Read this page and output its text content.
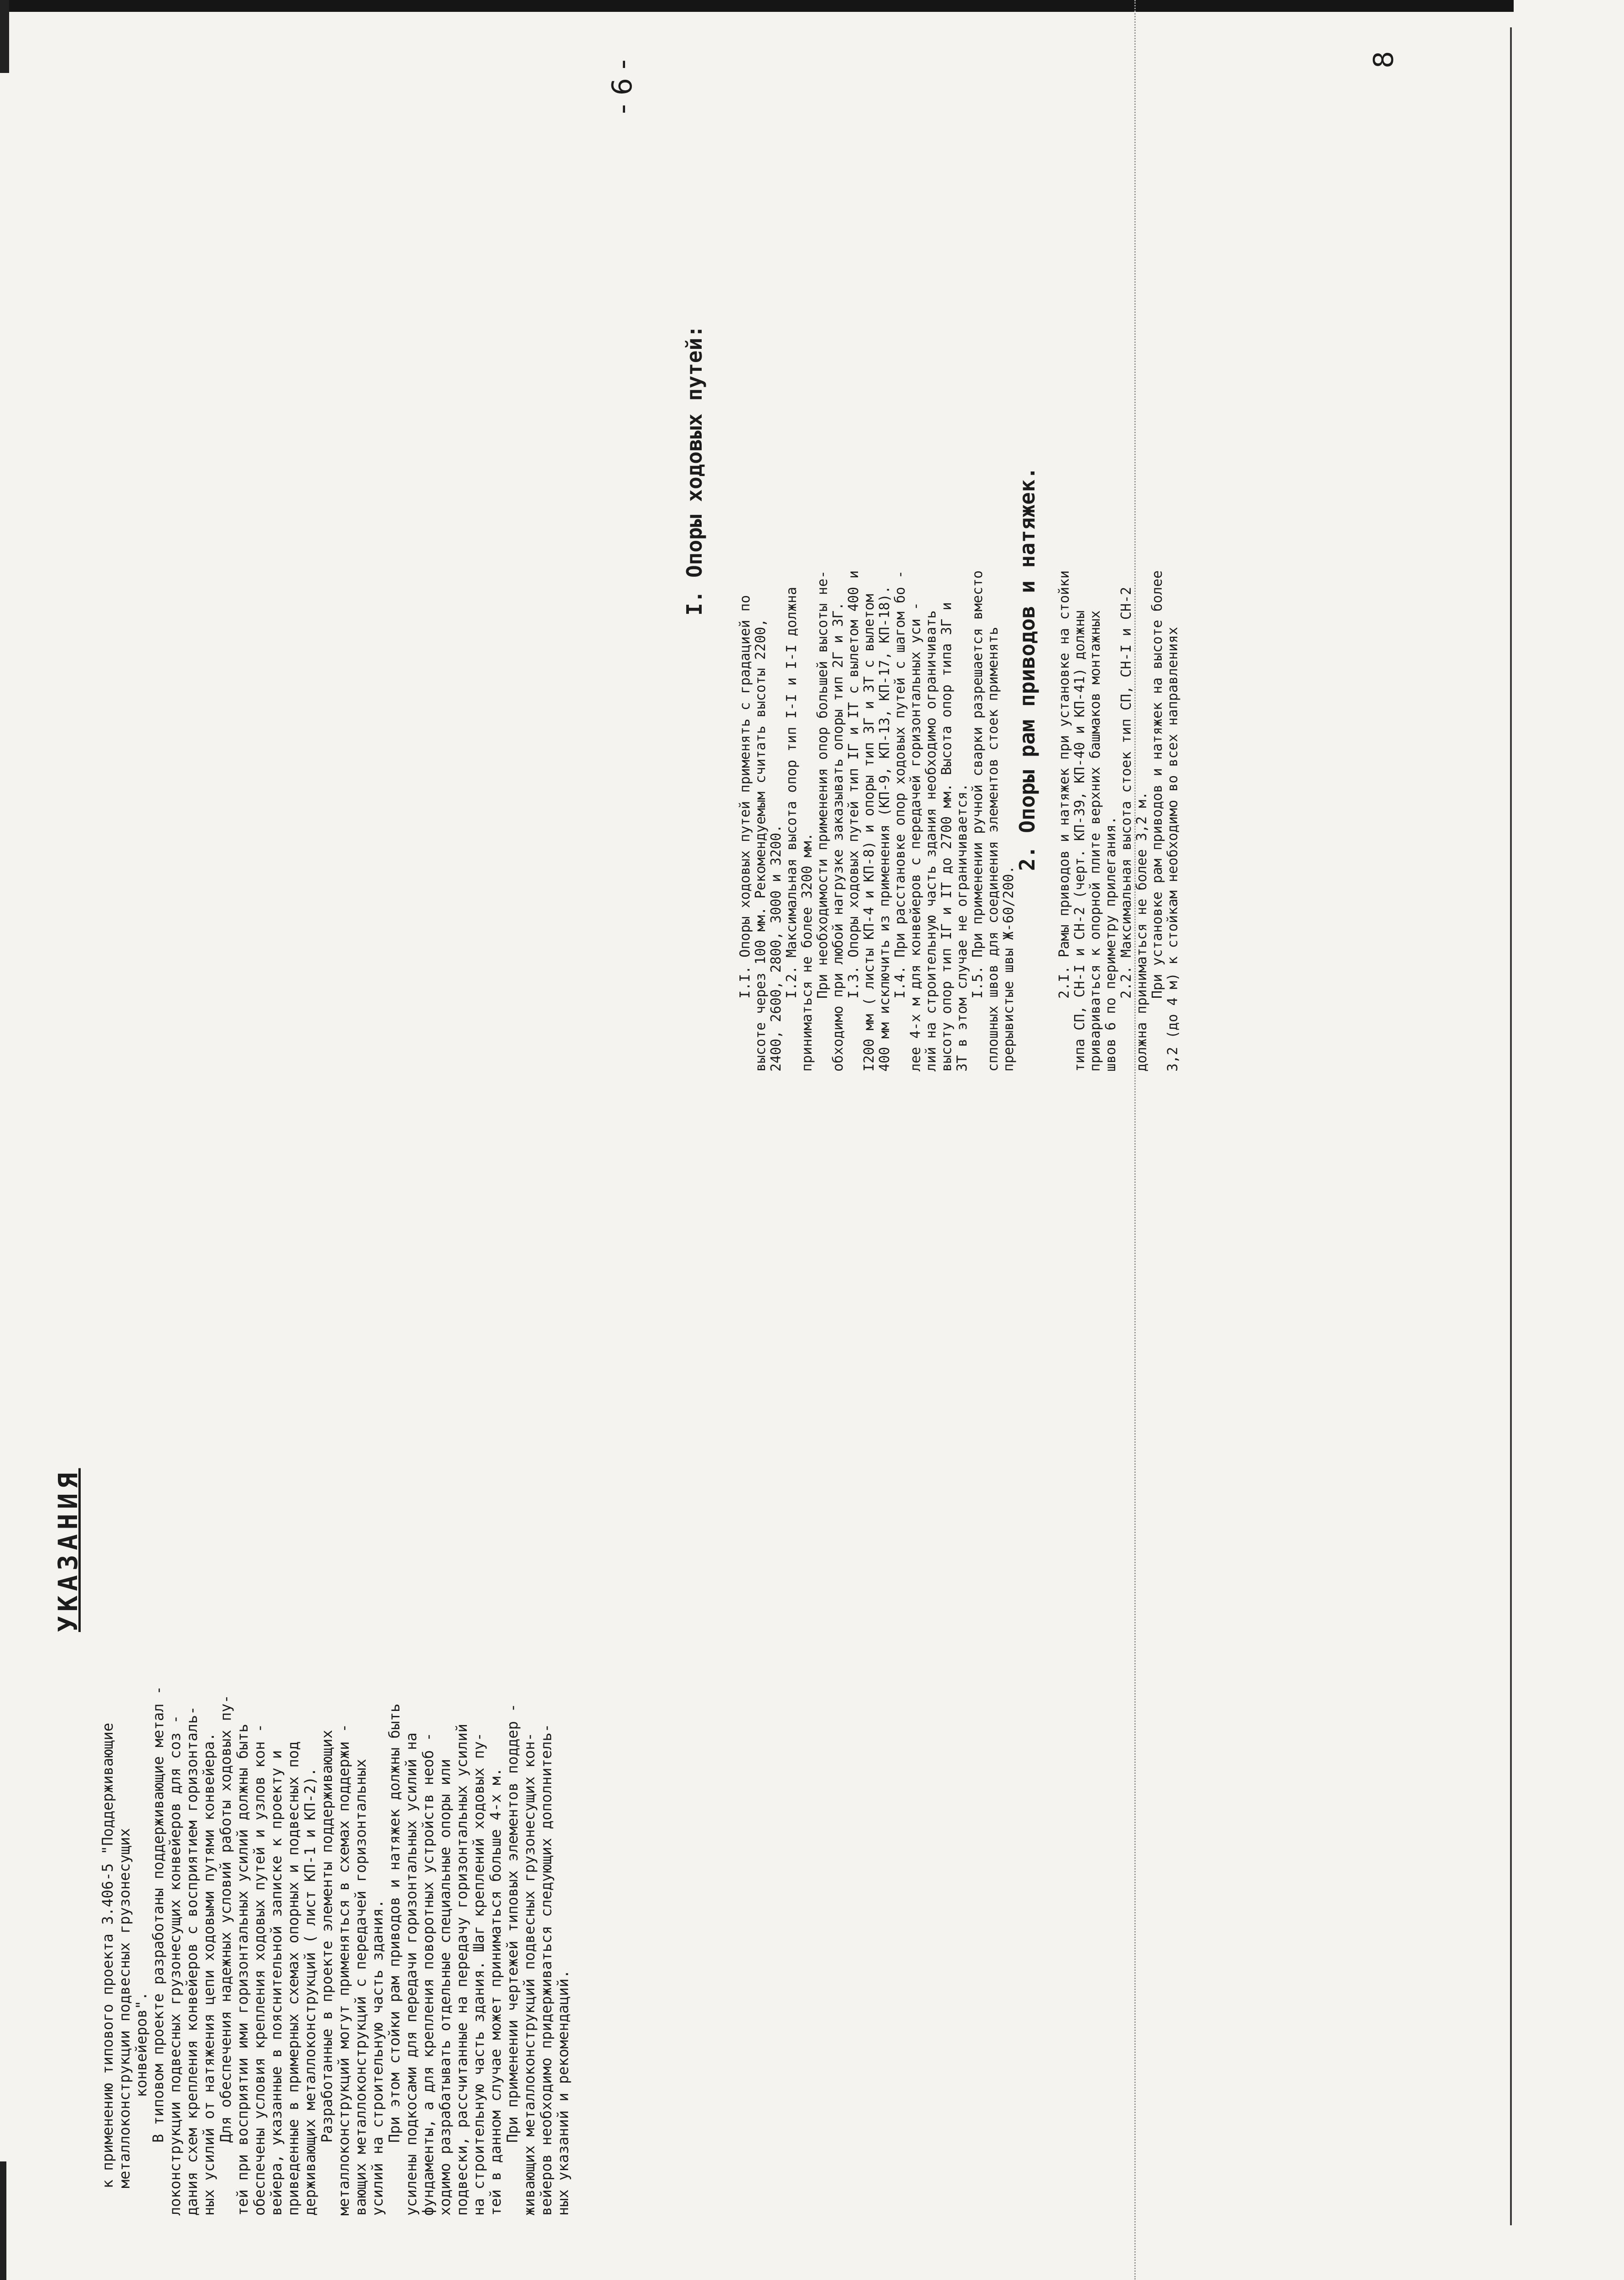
- 6 -	8
I. Опоры ходовых путей:
I.I. Опоры ходовых путей применять с градацией по высоте через 100 мм. Рекомендуемым считать высоты 2200, 2400, 2600, 2800, 3000 и 3200. I.2. Максимальная высота опор тип I-I и I-I должна приниматься не более 3200 мм. При необходимости применения опор большей высоты не- обходимо при любой нагрузке заказывать опоры тип 2Г и 3Г. I.3. Опоры ходовых путей тип IГ и IТ с вылетом 400 и I200 мм ( листы КП-4 и КП-8) и опоры тип 3Г и 3Т с вылетом 400 мм исключить из применения (КП-9, КП-13, КП-17, КП-18). I.4. При расстановке опор ходовых путей с шагом бо - лее 4-х м для конвейеров с передачей горизонтальных уси - лий на строительную часть здания необходимо ограничивать высоту опор тип IГ и IТ до 2700 мм. Высота опор типа 3Г и 3Т в этом случае не ограничивается. I.5. При применении ручной сварки разрешается вместо сплошных швов для соединения элементов стоек применять прерывистые швы Ж-60/200.
2. Опоры рам приводов и натяжек. 2.I. Рамы приводов и натяжек при установке на стойки типа СП, СН-I и СН-2 (черт. КП-39, КП-40 и КП-41) должны привариваться к опорной плите верхних башмаков монтажных швов 6 по периметру прилегания. 2.2. Максимальная высота стоек тип СП, СН-I и СН-2 должна приниматься не более 3,2 м. При установке рам приводов и натяжек на высоте более 3,2 (до 4 м) к стойкам необходимо во всех направлениях
УКАЗАНИЯ
к применению типового проекта 3.406-5 "Поддерживающие металлоконструкции подвесных грузонесущих конвейеров". В типовом проекте разработаны поддерживающие метал - локонструкции подвесных грузонесущих конвейеров для соз - дания схем крепления конвейеров с восприятием горизонталь- ных усилий от натяжения цепи ходовыми путями конвейера. Для обеспечения надежных условий работы ходовых пу- тей при восприятии ими горизонтальных усилий должны быть обеспечены условия крепления ходовых путей и узлов кон - вейера, указанные в пояснительной записке к проекту и приведенные в примерных схемах опорных и подвесных под держивающих металлоконструкций ( лист КП-1 и КП-2). Разработанные в проекте элементы поддерживающих металлоконструкций могут применяться в схемах поддержи - вающих металлоконструкций с передачей горизонтальных усилий на строительную часть здания. При этом стойки рам приводов и натяжек должны быть усилены подкосами для передачи горизонтальных усилий на фундаменты, а для крепления поворотных устройств необ - ходимо разрабатывать отдельные специальные опоры или подвески, рассчитанные на передачу горизонтальных усилий на строительную часть здания. Шаг креплений ходовых пу- тей в данном случае может приниматься больше 4-х м. При применении чертежей типовых элементов поддер - живающих металлоконструкций подвесных грузонесущих кон- вейеров необходимо придерживаться следующих дополнитель- ных указаний и рекомендаций.
